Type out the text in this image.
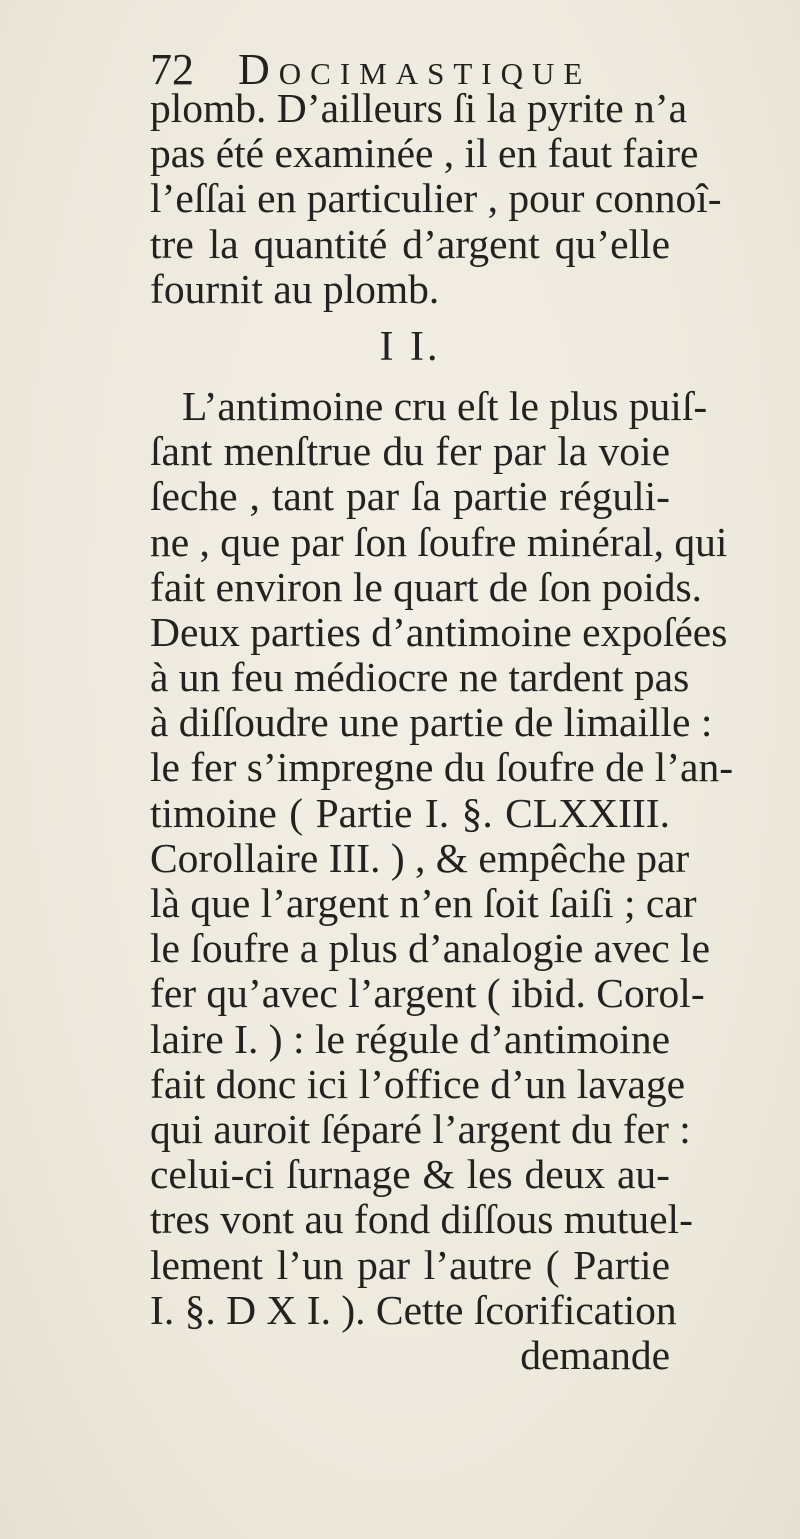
72 Docimastique
plomb. D’ailleurs ſi la pyrite n’a
pas été examinée , il en faut faire
l’eſſai en particulier , pour connoî-
tre la quantité d’argent qu’elle
fournit au plomb.
I I.
L’antimoine cru eſt le plus puiſ-
ſant menſtrue du fer par la voie
ſeche , tant par ſa partie réguli-
ne , que par ſon ſoufre minéral, qui
fait environ le quart de ſon poids.
Deux parties d’antimoine expoſées
à un feu médiocre ne tardent pas
à diſſoudre une partie de limaille :
le fer s’impregne du ſoufre de l’an-
timoine ( Partie I. §. CLXXIII.
Corollaire III. ) , & empêche par
là que l’argent n’en ſoit ſaiſi ; car
le ſoufre a plus d’analogie avec le
fer qu’avec l’argent ( ibid. Corol-
laire I. ) : le régule d’antimoine
fait donc ici l’office d’un lavage
qui auroit ſéparé l’argent du fer :
celui-ci ſurnage & les deux au-
tres vont au fond diſſous mutuel-
lement l’un par l’autre ( Partie
I. §. D X I. ). Cette ſcorification
demande
